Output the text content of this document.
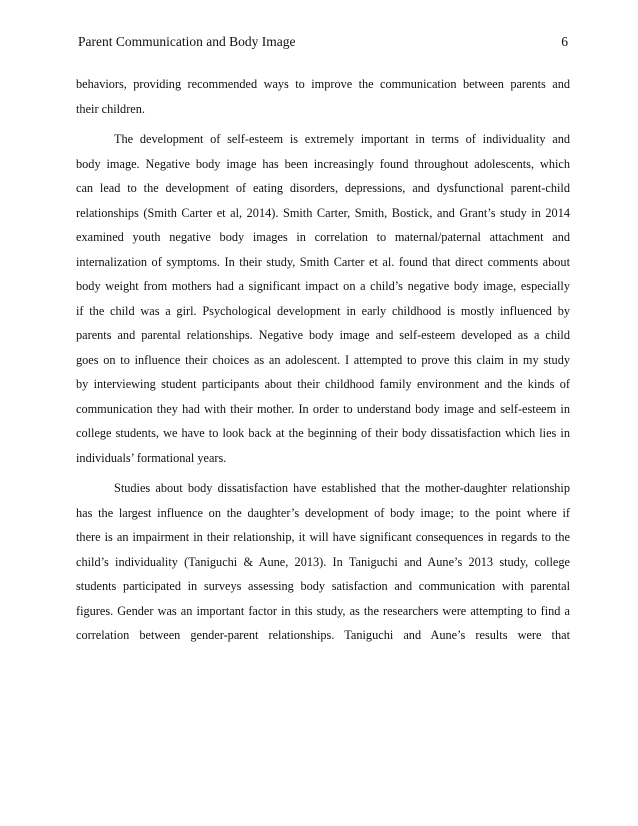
Parent Communication and Body Image	6
behaviors, providing recommended ways to improve the communication between parents and
their children.
The development of self-esteem is extremely important in terms of individuality and
body image. Negative body image has been increasingly found throughout adolescents, which
can lead to the development of eating disorders, depressions, and dysfunctional parent-child
relationships (Smith Carter et al, 2014). Smith Carter, Smith, Bostick, and Grant’s study in 2014
examined youth negative body images in correlation to maternal/paternal attachment and
internalization of symptoms. In their study, Smith Carter et al. found that direct comments about
body weight from mothers had a significant impact on a child’s negative body image, especially
if the child was a girl. Psychological development in early childhood is mostly influenced by
parents and parental relationships. Negative body image and self-esteem developed as a child
goes on to influence their choices as an adolescent. I attempted to prove this claim in my study
by interviewing student participants about their childhood family environment and the kinds of
communication they had with their mother. In order to understand body image and self-esteem in
college students, we have to look back at the beginning of their body dissatisfaction which lies in
individuals’ formational years.
Studies about body dissatisfaction have established that the mother-daughter relationship
has the largest influence on the daughter’s development of body image; to the point where if
there is an impairment in their relationship, it will have significant consequences in regards to the
child’s individuality (Taniguchi & Aune, 2013). In Taniguchi and Aune’s 2013 study, college
students participated in surveys assessing body satisfaction and communication with parental
figures. Gender was an important factor in this study, as the researchers were attempting to find a
correlation between gender-parent relationships. Taniguchi and Aune’s results were that
